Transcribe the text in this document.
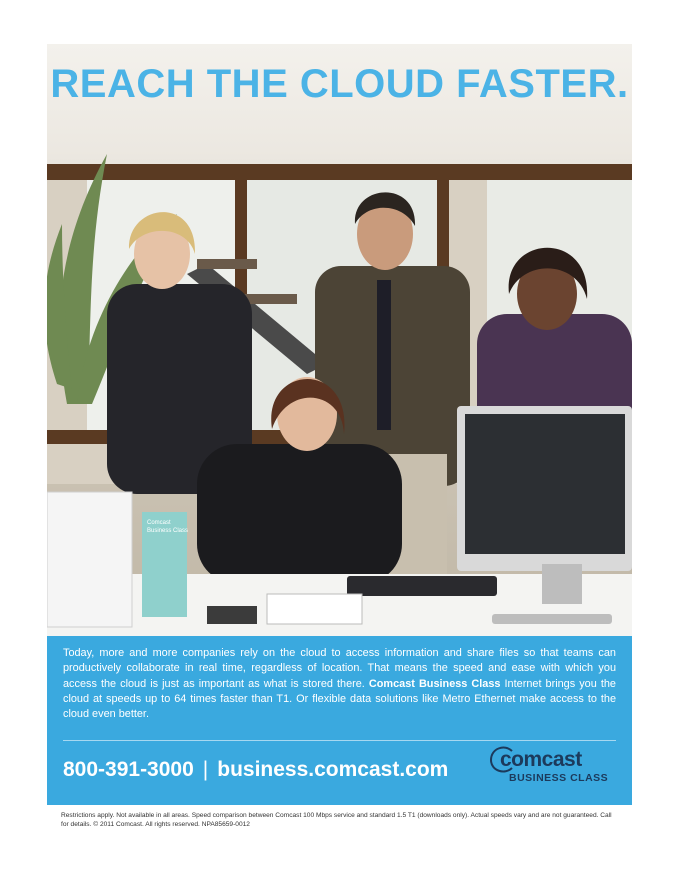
Comcast
Business Class
REACH THE CLOUD FASTER.

Today, more and more companies rely on the cloud to access information and share files so that teams can productively collaborate in real time, regardless of location. That means the speed and ease with which you access the cloud is just as important as what is stored there. Comcast Business Class Internet brings you the cloud at speeds up to 64 times faster than T1. Or flexible data solutions like Metro Ethernet make access to the cloud even better.

800-391-3000 | business.comcast.com comcast
BUSINESS CLASS

Restrictions apply. Not available in all areas. Speed comparison between Comcast 100 Mbps service and standard 1.5 T1 (downloads only). Actual speeds vary and are not guaranteed. Call for details. © 2011 Comcast. All rights reserved. NPA85659-0012
